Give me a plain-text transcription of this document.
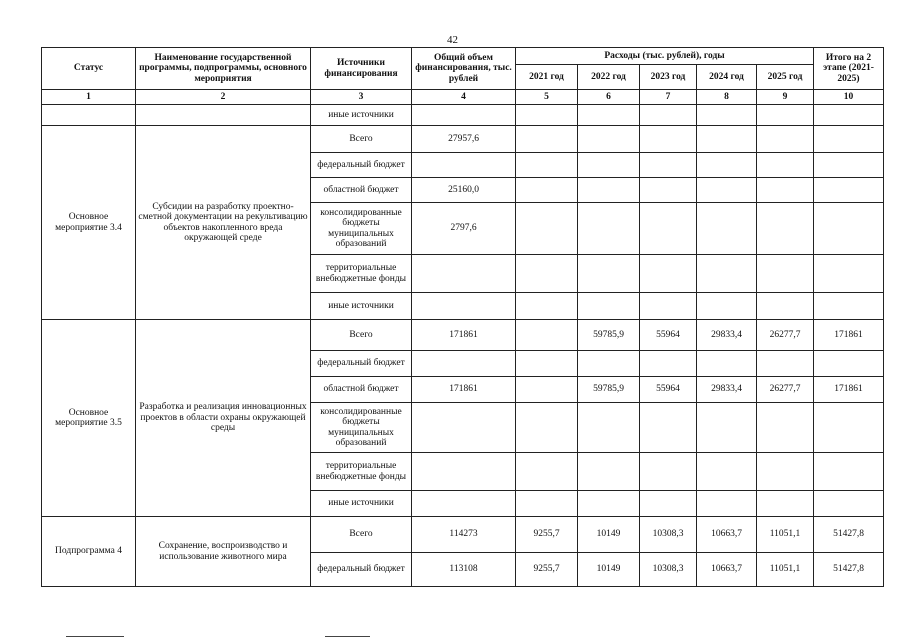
42
Статус	Наименование государственной программы, подпрограммы, основного мероприятия	Источники финансирования	Общий объем финансирования, тыс. рублей	Расходы (тыс. рублей), годы					Итого на 2 этапе (2021-2025)
				2021 год	2022 год	2023 год	2024 год	2025 год	
1	2	3	4	5	6	7	8	9	10
		иные источники							
Основное мероприятие 3.4	Субсидии на разработку проектно-сметной документации на рекультивацию объектов накопленного вреда окружающей среде	Всего	27957,6						
		федеральный бюджет							
		областной бюджет	25160,0						
		консолидированные бюджеты муниципальных образований	2797,6						
		территориальные внебюджетные фонды							
		иные источники							
Основное мероприятие 3.5	Разработка и реализация инновационных проектов в области охраны окружающей среды	Всего	171861		59785,9	55964	29833,4	26277,7	171861
		федеральный бюджет							
		областной бюджет	171861		59785,9	55964	29833,4	26277,7	171861
		консолидированные бюджеты муниципальных образований							
		территориальные внебюджетные фонды							
		иные источники							
Подпрограмма 4	Сохранение, воспроизводство и использование животного мира	Всего	114273	9255,7	10149	10308,3	10663,7	11051,1	51427,8
		федеральный бюджет	113108	9255,7	10149	10308,3	10663,7	11051,1	51427,8
